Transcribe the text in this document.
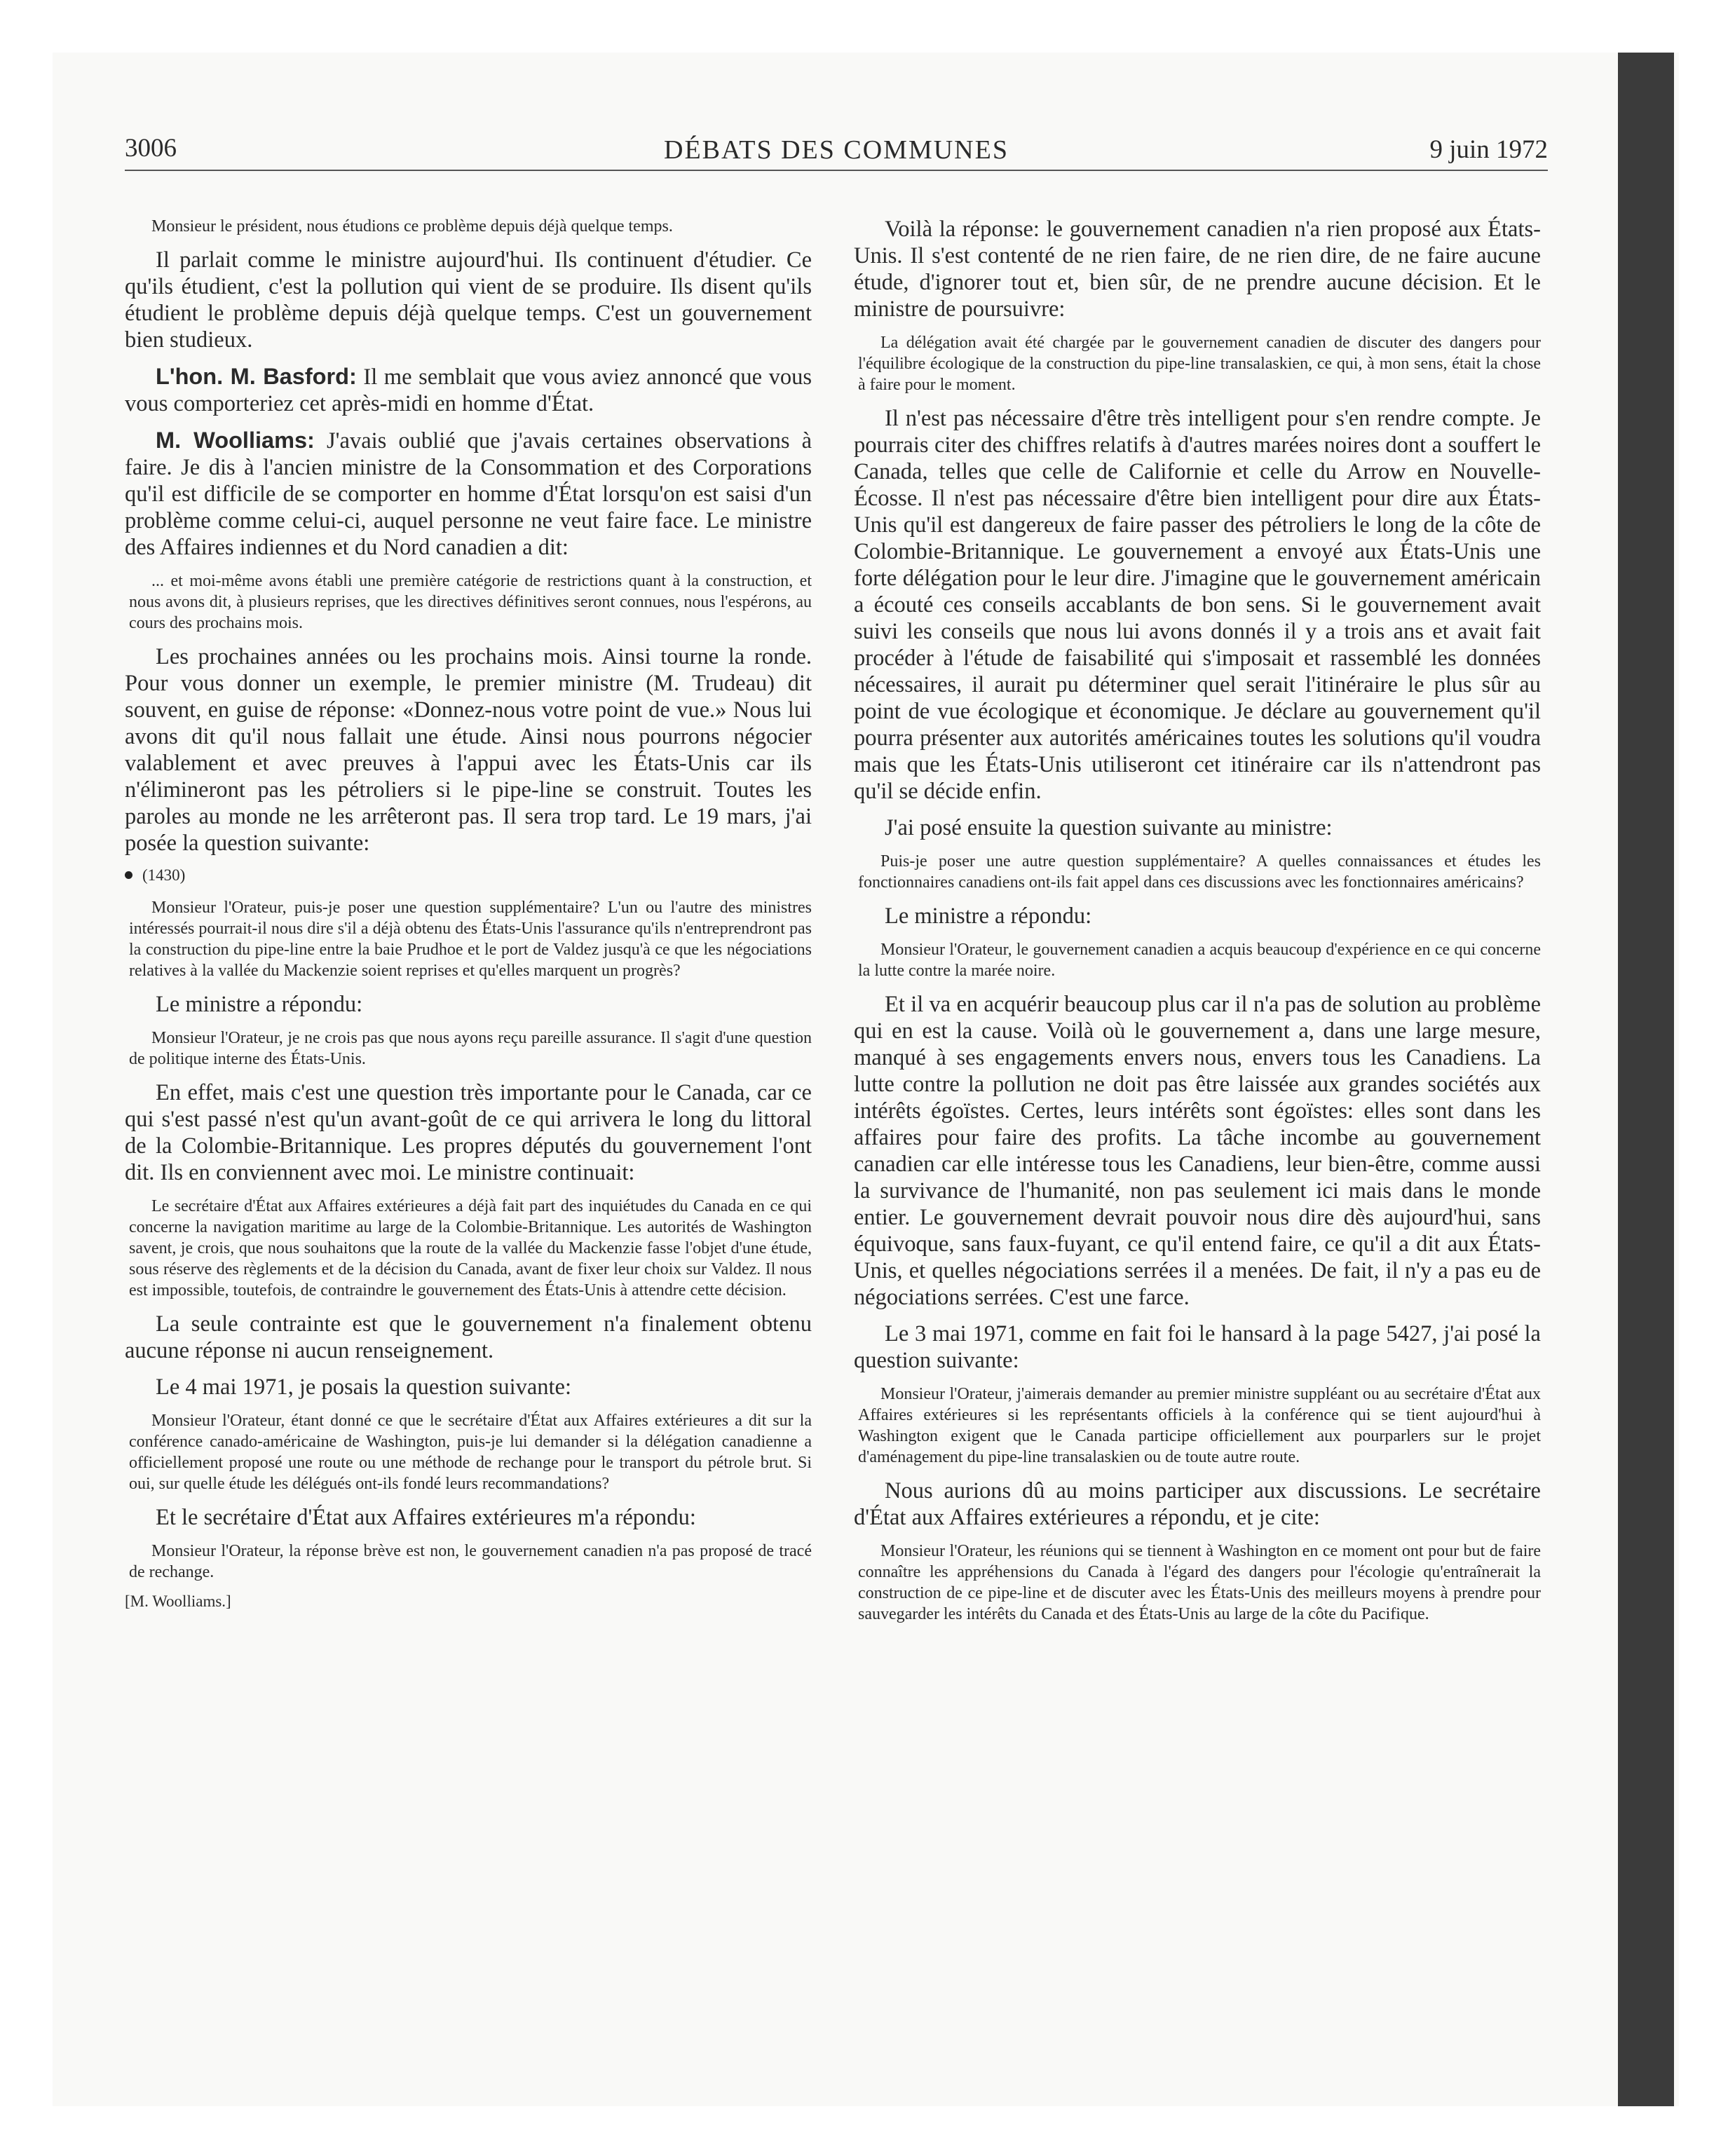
3006	DÉBATS DES COMMUNES	9 juin 1972

Monsieur le président, nous étudions ce problème depuis déjà quelque temps.

Il parlait comme le ministre aujourd'hui. Ils continuent d'étudier. Ce qu'ils étudient, c'est la pollution qui vient de se produire. Ils disent qu'ils étudient le problème depuis déjà quelque temps. C'est un gouvernement bien studieux.

L'hon. M. Basford: Il me semblait que vous aviez annoncé que vous vous comporteriez cet après-midi en homme d'État.

M. Woolliams: J'avais oublié que j'avais certaines observations à faire. Je dis à l'ancien ministre de la Consommation et des Corporations qu'il est difficile de se comporter en homme d'État lorsqu'on est saisi d'un problème comme celui-ci, auquel personne ne veut faire face. Le ministre des Affaires indiennes et du Nord canadien a dit:

... et moi-même avons établi une première catégorie de restrictions quant à la construction, et nous avons dit, à plusieurs reprises, que les directives définitives seront connues, nous l'espérons, au cours des prochains mois.

Les prochaines années ou les prochains mois. Ainsi tourne la ronde. Pour vous donner un exemple, le premier ministre (M. Trudeau) dit souvent, en guise de réponse: «Donnez-nous votre point de vue.» Nous lui avons dit qu'il nous fallait une étude. Ainsi nous pourrons négocier valablement et avec preuves à l'appui avec les États-Unis car ils n'élimineront pas les pétroliers si le pipe-line se construit. Toutes les paroles au monde ne les arrêteront pas. Il sera trop tard. Le 19 mars, j'ai posée la question suivante:

(1430)

Monsieur l'Orateur, puis-je poser une question supplémentaire? L'un ou l'autre des ministres intéressés pourrait-il nous dire s'il a déjà obtenu des États-Unis l'assurance qu'ils n'entreprendront pas la construction du pipe-line entre la baie Prudhoe et le port de Valdez jusqu'à ce que les négociations relatives à la vallée du Mackenzie soient reprises et qu'elles marquent un progrès?

Le ministre a répondu:

Monsieur l'Orateur, je ne crois pas que nous ayons reçu pareille assurance. Il s'agit d'une question de politique interne des États-Unis.

En effet, mais c'est une question très importante pour le Canada, car ce qui s'est passé n'est qu'un avant-goût de ce qui arrivera le long du littoral de la Colombie-Britannique. Les propres députés du gouvernement l'ont dit. Ils en conviennent avec moi. Le ministre continuait:

Le secrétaire d'État aux Affaires extérieures a déjà fait part des inquiétudes du Canada en ce qui concerne la navigation maritime au large de la Colombie-Britannique. Les autorités de Washington savent, je crois, que nous souhaitons que la route de la vallée du Mackenzie fasse l'objet d'une étude, sous réserve des règlements et de la décision du Canada, avant de fixer leur choix sur Valdez. Il nous est impossible, toutefois, de contraindre le gouvernement des États-Unis à attendre cette décision.

La seule contrainte est que le gouvernement n'a finalement obtenu aucune réponse ni aucun renseignement.

Le 4 mai 1971, je posais la question suivante:

Monsieur l'Orateur, étant donné ce que le secrétaire d'État aux Affaires extérieures a dit sur la conférence canado-américaine de Washington, puis-je lui demander si la délégation canadienne a officiellement proposé une route ou une méthode de rechange pour le transport du pétrole brut. Si oui, sur quelle étude les délégués ont-ils fondé leurs recommandations?

Et le secrétaire d'État aux Affaires extérieures m'a répondu:

Monsieur l'Orateur, la réponse brève est non, le gouvernement canadien n'a pas proposé de tracé de rechange.

[M. Woolliams.]

Voilà la réponse: le gouvernement canadien n'a rien proposé aux États-Unis. Il s'est contenté de ne rien faire, de ne rien dire, de ne faire aucune étude, d'ignorer tout et, bien sûr, de ne prendre aucune décision. Et le ministre de poursuivre:

La délégation avait été chargée par le gouvernement canadien de discuter des dangers pour l'équilibre écologique de la construction du pipe-line transalaskien, ce qui, à mon sens, était la chose à faire pour le moment.

Il n'est pas nécessaire d'être très intelligent pour s'en rendre compte. Je pourrais citer des chiffres relatifs à d'autres marées noires dont a souffert le Canada, telles que celle de Californie et celle du Arrow en Nouvelle-Écosse. Il n'est pas nécessaire d'être bien intelligent pour dire aux États-Unis qu'il est dangereux de faire passer des pétroliers le long de la côte de Colombie-Britannique. Le gouvernement a envoyé aux États-Unis une forte délégation pour le leur dire. J'imagine que le gouvernement américain a écouté ces conseils accablants de bon sens. Si le gouvernement avait suivi les conseils que nous lui avons donnés il y a trois ans et avait fait procéder à l'étude de faisabilité qui s'imposait et rassemblé les données nécessaires, il aurait pu déterminer quel serait l'itinéraire le plus sûr au point de vue écologique et économique. Je déclare au gouvernement qu'il pourra présenter aux autorités américaines toutes les solutions qu'il voudra mais que les États-Unis utiliseront cet itinéraire car ils n'attendront pas qu'il se décide enfin.

J'ai posé ensuite la question suivante au ministre:

Puis-je poser une autre question supplémentaire? A quelles connaissances et études les fonctionnaires canadiens ont-ils fait appel dans ces discussions avec les fonctionnaires américains?

Le ministre a répondu:

Monsieur l'Orateur, le gouvernement canadien a acquis beaucoup d'expérience en ce qui concerne la lutte contre la marée noire.

Et il va en acquérir beaucoup plus car il n'a pas de solution au problème qui en est la cause. Voilà où le gouvernement a, dans une large mesure, manqué à ses engagements envers nous, envers tous les Canadiens. La lutte contre la pollution ne doit pas être laissée aux grandes sociétés aux intérêts égoïstes. Certes, leurs intérêts sont égoïstes: elles sont dans les affaires pour faire des profits. La tâche incombe au gouvernement canadien car elle intéresse tous les Canadiens, leur bien-être, comme aussi la survivance de l'humanité, non pas seulement ici mais dans le monde entier. Le gouvernement devrait pouvoir nous dire dès aujourd'hui, sans équivoque, sans faux-fuyant, ce qu'il entend faire, ce qu'il a dit aux États-Unis, et quelles négociations serrées il a menées. De fait, il n'y a pas eu de négociations serrées. C'est une farce.

Le 3 mai 1971, comme en fait foi le hansard à la page 5427, j'ai posé la question suivante:

Monsieur l'Orateur, j'aimerais demander au premier ministre suppléant ou au secrétaire d'État aux Affaires extérieures si les représentants officiels à la conférence qui se tient aujourd'hui à Washington exigent que le Canada participe officiellement aux pourparlers sur le projet d'aménagement du pipe-line transalaskien ou de toute autre route.

Nous aurions dû au moins participer aux discussions. Le secrétaire d'État aux Affaires extérieures a répondu, et je cite:

Monsieur l'Orateur, les réunions qui se tiennent à Washington en ce moment ont pour but de faire connaître les appréhensions du Canada à l'égard des dangers pour l'écologie qu'entraînerait la construction de ce pipe-line et de discuter avec les États-Unis des meilleurs moyens à prendre pour sauvegarder les intérêts du Canada et des États-Unis au large de la côte du Pacifique.
